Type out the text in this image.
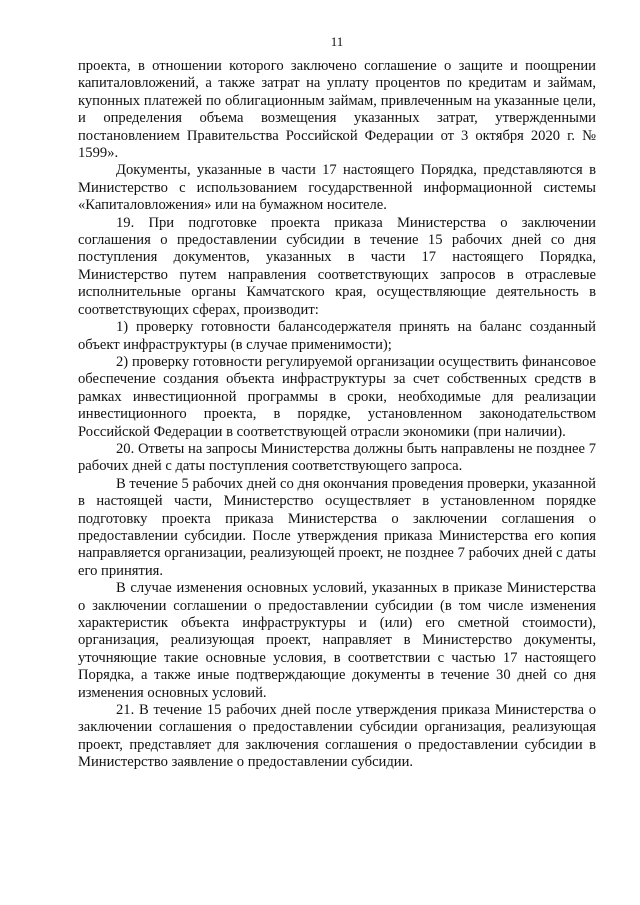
11

проекта, в отношении которого заключено соглашение о защите и поощрении капиталовложений, а также затрат на уплату процентов по кредитам и займам, купонных платежей по облигационным займам, привлеченным на указанные цели, и определения объема возмещения указанных затрат, утвержденными постановлением Правительства Российской Федерации от 3 октября 2020 г. № 1599».

Документы, указанные в части 17 настоящего Порядка, представляются в Министерство с использованием государственной информационной системы «Капиталовложения» или на бумажном носителе.

19. При подготовке проекта приказа Министерства о заключении соглашения о предоставлении субсидии в течение 15 рабочих дней со дня поступления документов, указанных в части 17 настоящего Порядка, Министерство путем направления соответствующих запросов в отраслевые исполнительные органы Камчатского края, осуществляющие деятельность в соответствующих сферах, производит:

1) проверку готовности балансодержателя принять на баланс созданный объект инфраструктуры (в случае применимости);

2) проверку готовности регулируемой организации осуществить финансовое обеспечение создания объекта инфраструктуры за счет собственных средств в рамках инвестиционной программы в сроки, необходимые для реализации инвестиционного проекта, в порядке, установленном законодательством Российской Федерации в соответствующей отрасли экономики (при наличии).

20. Ответы на запросы Министерства должны быть направлены не позднее 7 рабочих дней с даты поступления соответствующего запроса.

В течение 5 рабочих дней со дня окончания проведения проверки, указанной в настоящей части, Министерство осуществляет в установленном порядке подготовку проекта приказа Министерства о заключении соглашения о предоставлении субсидии. После утверждения приказа Министерства его копия направляется организации, реализующей проект, не позднее 7 рабочих дней с даты его принятия.

В случае изменения основных условий, указанных в приказе Министерства о заключении соглашении о предоставлении субсидии (в том числе изменения характеристик объекта инфраструктуры и (или) его сметной стоимости), организация, реализующая проект, направляет в Министерство документы, уточняющие такие основные условия, в соответствии с частью 17 настоящего Порядка, а также иные подтверждающие документы в течение 30 дней со дня изменения основных условий.

21. В течение 15 рабочих дней после утверждения приказа Министерства о заключении соглашения о предоставлении субсидии организация, реализующая проект, представляет для заключения соглашения о предоставлении субсидии в Министерство заявление о предоставлении субсидии.
